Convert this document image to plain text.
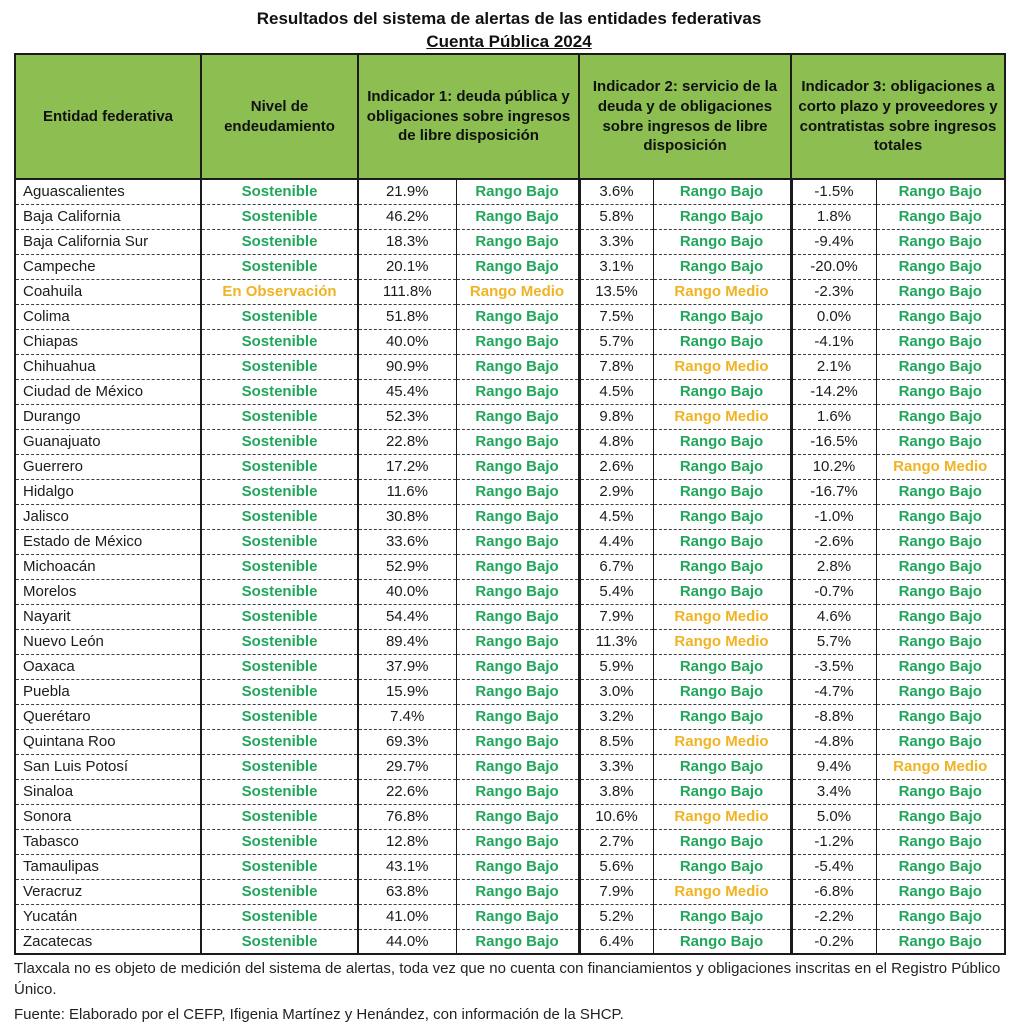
Resultados del sistema de alertas de las entidades federativas
Cuenta Pública 2024
Entidad federativa	Nivel de endeudamiento	Indicador 1: deuda pública y obligaciones sobre ingresos de libre disposición		Indicador 2: servicio de la deuda y de obligaciones sobre ingresos de libre disposición		Indicador 3: obligaciones a corto plazo y proveedores y contratistas sobre ingresos totales	
Aguascalientes	Sostenible	21.9%	Rango Bajo	3.6%	Rango Bajo	-1.5%	Rango Bajo
Baja California	Sostenible	46.2%	Rango Bajo	5.8%	Rango Bajo	1.8%	Rango Bajo
Baja California Sur	Sostenible	18.3%	Rango Bajo	3.3%	Rango Bajo	-9.4%	Rango Bajo
Campeche	Sostenible	20.1%	Rango Bajo	3.1%	Rango Bajo	-20.0%	Rango Bajo
Coahuila	En Observación	111.8%	Rango Medio	13.5%	Rango Medio	-2.3%	Rango Bajo
Colima	Sostenible	51.8%	Rango Bajo	7.5%	Rango Bajo	0.0%	Rango Bajo
Chiapas	Sostenible	40.0%	Rango Bajo	5.7%	Rango Bajo	-4.1%	Rango Bajo
Chihuahua	Sostenible	90.9%	Rango Bajo	7.8%	Rango Medio	2.1%	Rango Bajo
Ciudad de México	Sostenible	45.4%	Rango Bajo	4.5%	Rango Bajo	-14.2%	Rango Bajo
Durango	Sostenible	52.3%	Rango Bajo	9.8%	Rango Medio	1.6%	Rango Bajo
Guanajuato	Sostenible	22.8%	Rango Bajo	4.8%	Rango Bajo	-16.5%	Rango Bajo
Guerrero	Sostenible	17.2%	Rango Bajo	2.6%	Rango Bajo	10.2%	Rango Medio
Hidalgo	Sostenible	11.6%	Rango Bajo	2.9%	Rango Bajo	-16.7%	Rango Bajo
Jalisco	Sostenible	30.8%	Rango Bajo	4.5%	Rango Bajo	-1.0%	Rango Bajo
Estado de México	Sostenible	33.6%	Rango Bajo	4.4%	Rango Bajo	-2.6%	Rango Bajo
Michoacán	Sostenible	52.9%	Rango Bajo	6.7%	Rango Bajo	2.8%	Rango Bajo
Morelos	Sostenible	40.0%	Rango Bajo	5.4%	Rango Bajo	-0.7%	Rango Bajo
Nayarit	Sostenible	54.4%	Rango Bajo	7.9%	Rango Medio	4.6%	Rango Bajo
Nuevo León	Sostenible	89.4%	Rango Bajo	11.3%	Rango Medio	5.7%	Rango Bajo
Oaxaca	Sostenible	37.9%	Rango Bajo	5.9%	Rango Bajo	-3.5%	Rango Bajo
Puebla	Sostenible	15.9%	Rango Bajo	3.0%	Rango Bajo	-4.7%	Rango Bajo
Querétaro	Sostenible	7.4%	Rango Bajo	3.2%	Rango Bajo	-8.8%	Rango Bajo
Quintana Roo	Sostenible	69.3%	Rango Bajo	8.5%	Rango Medio	-4.8%	Rango Bajo
San Luis Potosí	Sostenible	29.7%	Rango Bajo	3.3%	Rango Bajo	9.4%	Rango Medio
Sinaloa	Sostenible	22.6%	Rango Bajo	3.8%	Rango Bajo	3.4%	Rango Bajo
Sonora	Sostenible	76.8%	Rango Bajo	10.6%	Rango Medio	5.0%	Rango Bajo
Tabasco	Sostenible	12.8%	Rango Bajo	2.7%	Rango Bajo	-1.2%	Rango Bajo
Tamaulipas	Sostenible	43.1%	Rango Bajo	5.6%	Rango Bajo	-5.4%	Rango Bajo
Veracruz	Sostenible	63.8%	Rango Bajo	7.9%	Rango Medio	-6.8%	Rango Bajo
Yucatán	Sostenible	41.0%	Rango Bajo	5.2%	Rango Bajo	-2.2%	Rango Bajo
Zacatecas	Sostenible	44.0%	Rango Bajo	6.4%	Rango Bajo	-0.2%	Rango Bajo

Tlaxcala no es objeto de medición del sistema de alertas, toda vez que no cuenta con financiamientos y obligaciones inscritas en el Registro Público Único.

Fuente: Elaborado por el CEFP, Ifigenia Martínez y Henández, con información de la SHCP.
